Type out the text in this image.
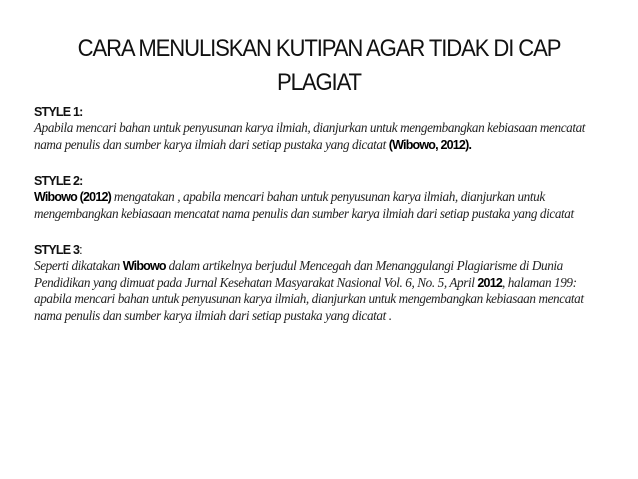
CARA MENULISKAN KUTIPAN AGAR TIDAK DI CAP PLAGIAT

STYLE 1:

Apabila mencari bahan untuk penyusunan karya ilmiah, dianjurkan untuk mengembangkan kebiasaan mencatat nama penulis dan sumber karya ilmiah dari setiap pustaka yang dicatat (Wibowo, 2012).

STYLE 2:

Wibowo (2012) mengatakan , apabila mencari bahan untuk penyusunan karya ilmiah, dianjurkan untuk mengembangkan kebiasaan mencatat nama penulis dan sumber karya ilmiah dari setiap pustaka yang dicatat

STYLE 3:

Seperti dikatakan Wibowo dalam artikelnya berjudul Mencegah dan Menanggulangi Plagiarisme di Dunia Pendidikan yang dimuat pada Jurnal Kesehatan Masyarakat Nasional Vol. 6, No. 5, April 2012, halaman 199: apabila mencari bahan untuk penyusunan karya ilmiah, dianjurkan untuk mengembangkan kebiasaan mencatat nama penulis dan sumber karya ilmiah dari setiap pustaka yang dicatat .
